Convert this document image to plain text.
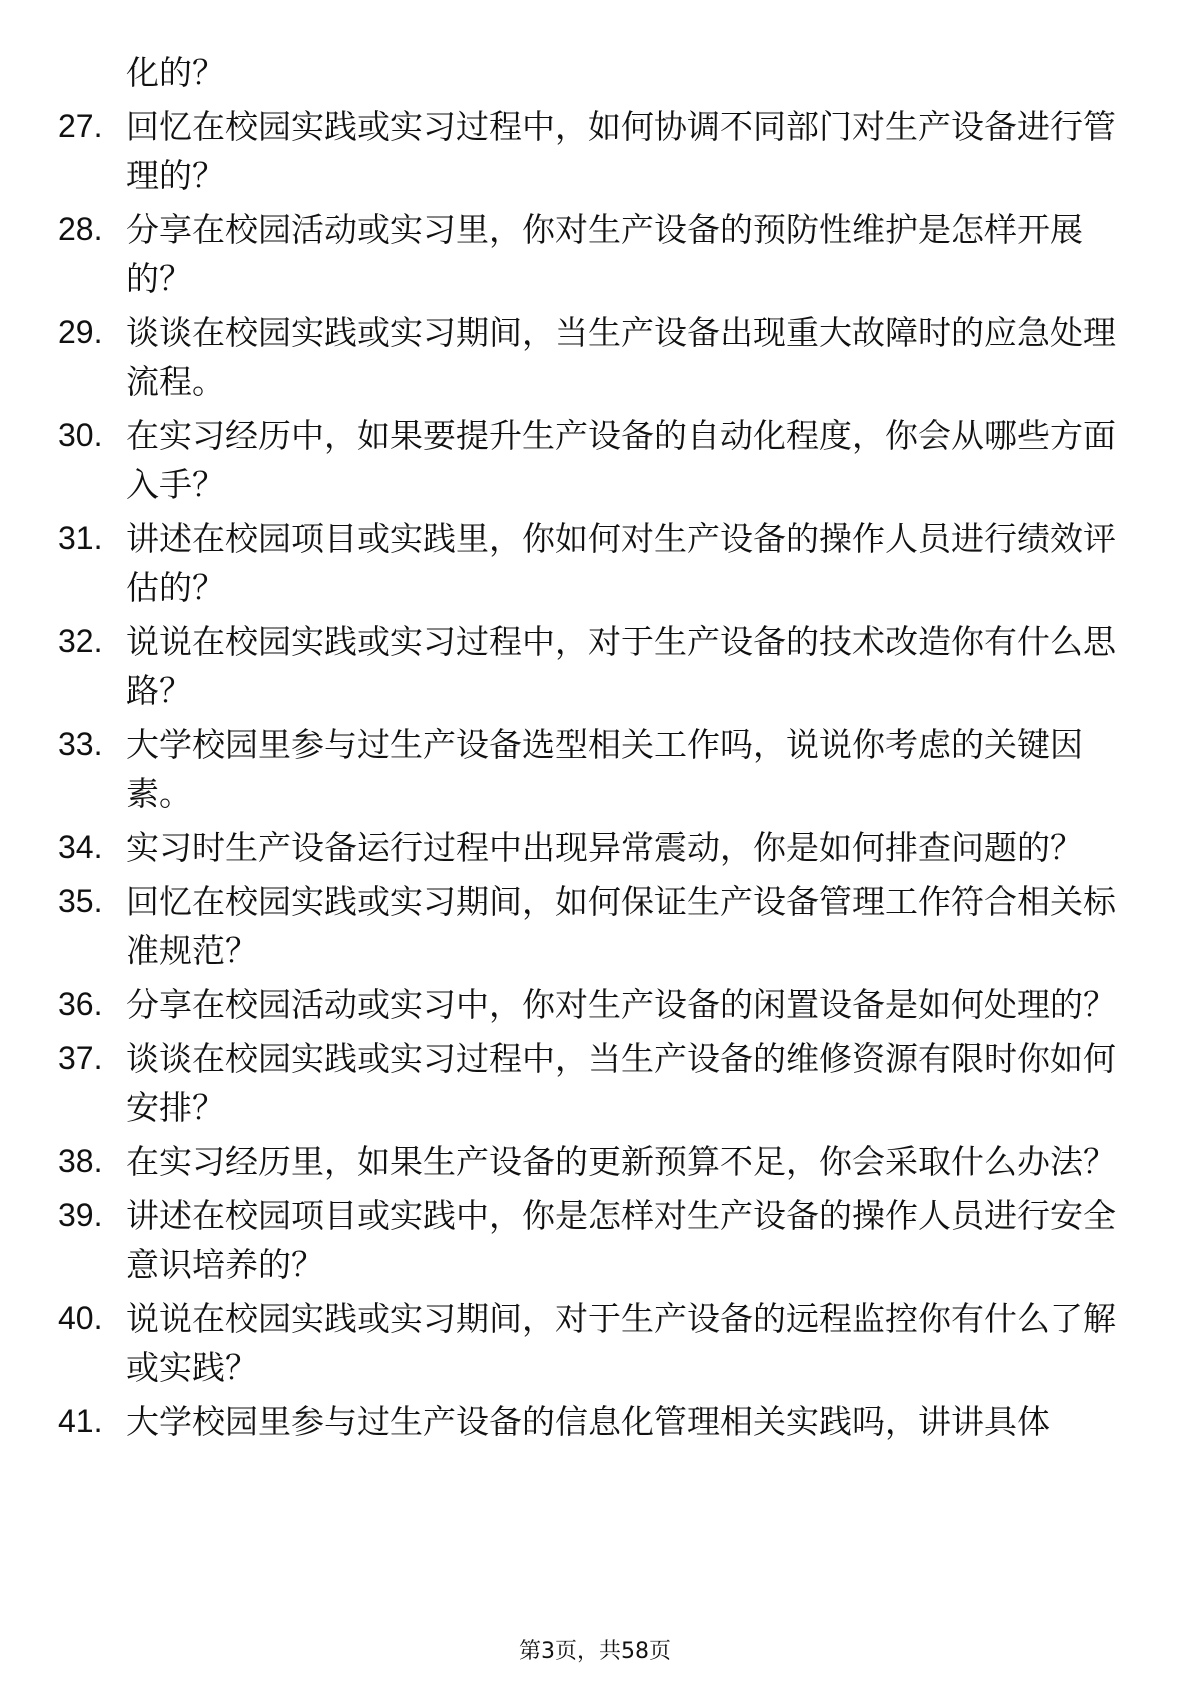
化的？
27. 回忆在校园实践或实习过程中，如何协调不同部门对生产设备进行管理的？
28. 分享在校园活动或实习里，你对生产设备的预防性维护是怎样开展的？
29. 谈谈在校园实践或实习期间，当生产设备出现重大故障时的应急处理流程。
30. 在实习经历中，如果要提升生产设备的自动化程度，你会从哪些方面入手？
31. 讲述在校园项目或实践里，你如何对生产设备的操作人员进行绩效评估的？
32. 说说在校园实践或实习过程中，对于生产设备的技术改造你有什么思路？
33. 大学校园里参与过生产设备选型相关工作吗，说说你考虑的关键因素。
34. 实习时生产设备运行过程中出现异常震动，你是如何排查问题的？
35. 回忆在校园实践或实习期间，如何保证生产设备管理工作符合相关标准规范？
36. 分享在校园活动或实习中，你对生产设备的闲置设备是如何处理的？
37. 谈谈在校园实践或实习过程中，当生产设备的维修资源有限时你如何安排？
38. 在实习经历里，如果生产设备的更新预算不足，你会采取什么办法？
39. 讲述在校园项目或实践中，你是怎样对生产设备的操作人员进行安全意识培养的？
40. 说说在校园实践或实习期间，对于生产设备的远程监控你有什么了解或实践？
41. 大学校园里参与过生产设备的信息化管理相关实践吗，讲讲具体
第3页，共58页
